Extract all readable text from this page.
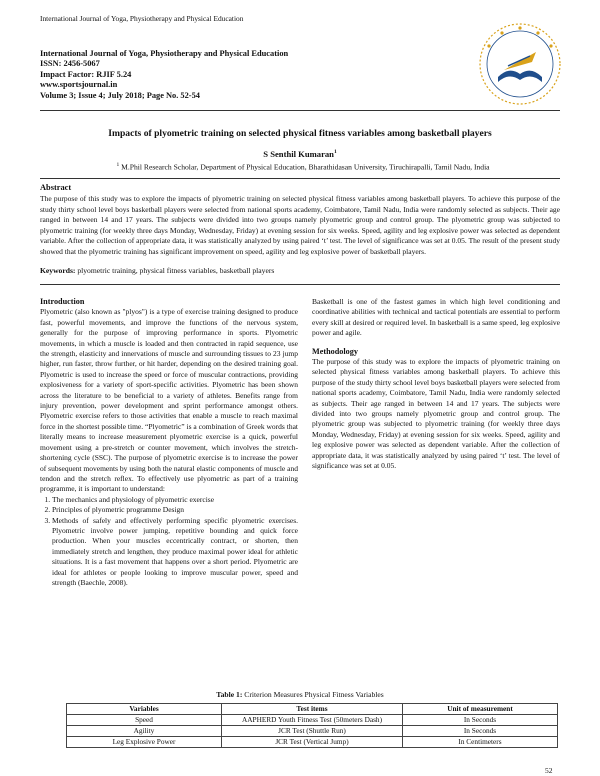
International Journal of Yoga, Physiotherapy and Physical Education
International Journal of Yoga, Physiotherapy and Physical Education
ISSN: 2456-5067
Impact Factor: RJIF 5.24
www.sportsjournal.in
Volume 3; Issue 4; July 2018; Page No. 52-54
Impacts of plyometric training on selected physical fitness variables among basketball players
S Senthil Kumaran$^1$
$^1$ M.Phil Research Scholar, Department of Physical Education, Bharathidasan University, Tiruchirapalli, Tamil Nadu, India
Abstract
The purpose of this study was to explore the impacts of plyometric training on selected physical fitness variables among basketball players. To achieve this purpose of the study thirty school level boys basketball players were selected from national sports academy, Coimbatore, Tamil Nadu, India were randomly selected as subjects. Their age ranged in between 14 and 17 years. The subjects were divided into two groups namely plyometric group and control group. The plyometric group was subjected to plyometric training (for weekly three days Monday, Wednesday, Friday) at evening session for six weeks. Speed, agility and leg explosive power was selected as dependent variable. After the collection of appropriate data, it was statistically analyzed by using paired ‘t’ test. The level of significance was set at 0.05. The result of the present study showed that the plyometric training has significant improvement on speed, agility and leg explosive power of basketball players.
Keywords: plyometric training, physical fitness variables, basketball players
Introduction

Plyometric (also known as "plyos") is a type of exercise training designed to produce fast, powerful movements, and improve the functions of the nervous system, generally for the purpose of improving performance in sports. Plyometric movements, in which a muscle is loaded and then contracted in rapid sequence, use the strength, elasticity and innervations of muscle and surrounding tissues to 23 jump higher, run faster, throw further, or hit harder, depending on the desired training goal. Plyometric is used to increase the speed or force of muscular contractions, providing explosiveness for a variety of sport-specific activities. Plyometric has been shown across the literature to be beneficial to a variety of athletes. Benefits range from injury prevention, power development and sprint performance amongst others. Plyometric exercise refers to those activities that enable a muscle to reach maximal force in the shortest possible time. “Plyometric” is a combination of Greek words that literally means to increase measurement plyometric exercise is a quick, powerful movement using a pre-stretch or counter movement, which involves the stretch-shortening cycle (SSC). The purpose of plyometric exercise is to increase the power of subsequent movements by using both the natural elastic components of muscle and tendon and the stretch reflex. To effectively use plyometric as part of a training programme, it is important to understand:

1. The mechanics and physiology of plyometric exercise
2. Principles of plyometric programme Design
3. Methods of safely and effectively performing specific plyometric exercises. Plyometric involve power jumping, repetitive bounding and quick force production. When your muscles eccentrically contract, or shorten, then immediately stretch and lengthen, they produce maximal power ideal for athletic situations. It is a fast movement that happens over a short period. Plyometric are ideal for athletes or people looking to improve muscular power, speed and strength (Baechle, 2008).

Basketball is one of the fastest games in which high level conditioning and coordinative abilities with technical and tactical potentials are essential to perform every skill at desired or required level. In basketball is a same speed, leg explosive power and agile.

Methodology

The purpose of this study was to explore the impacts of plyometric training on selected physical fitness variables among basketball players. To achieve this purpose of the study thirty school level boys basketball players were selected from national sports academy, Coimbatore, Tamil Nadu, India were randomly selected as subjects. Their age ranged in between 14 and 17 years. The subjects were divided into two groups namely plyometric group and control group. The plyometric group was subjected to plyometric training (for weekly three days Monday, Wednesday, Friday) at evening session for six weeks. Speed, agility and leg explosive power was selected as dependent variable. After the collection of appropriate data, it was statistically analyzed by using paired ‘t’ test. The level of significance was set at 0.05.

Table 1: Criterion Measures Physical Fitness Variables
Variables	Test items	Unit of measurement
Speed	AAPHERD Youth Fitness Test (50meters Dash)	In Seconds
Agility	JCR Test (Shuttle Run)	In Seconds
Leg Explosive Power	JCR Test (Vertical Jump)	In Centimeters
52
